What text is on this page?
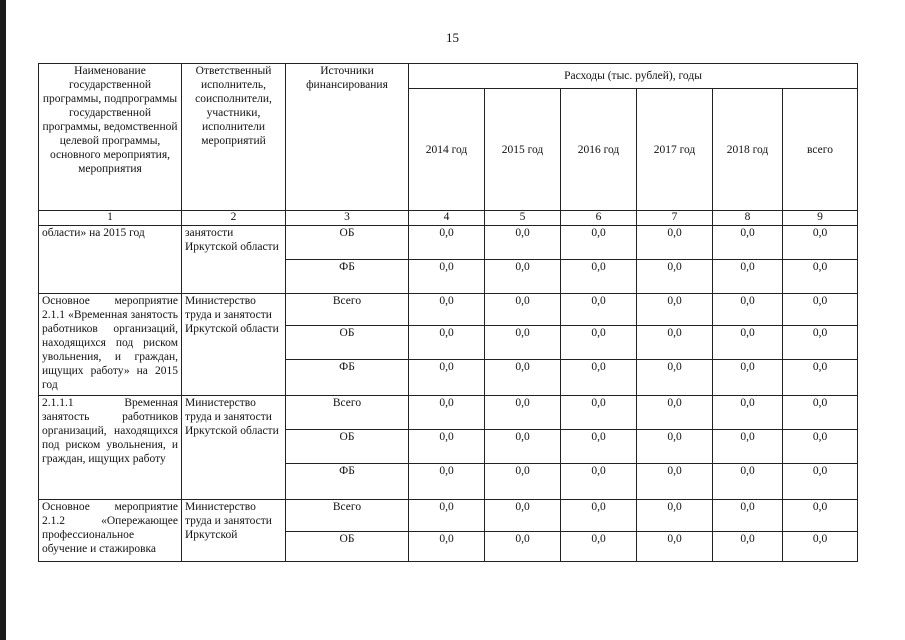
15
Наименование государственной программы, подпрограммы государственной программы, ведомственной целевой программы, основного мероприятия, мероприятия	Ответственный исполнитель, соисполнители, участники, исполнители мероприятий	Источники финансирования	Расходы (тыс. рублей), годы					
			2014 год	2015 год	2016 год	2017 год	2018 год	всего
1	2	3	4	5	6	7	8	9
области» на 2015 год	занятости Иркутской области	ОБ	0,0	0,0	0,0	0,0	0,0	0,0
		ФБ	0,0	0,0	0,0	0,0	0,0	0,0
Основное мероприятие 2.1.1 «Временная занятость работников организаций, находящихся под риском увольнения, и граждан, ищущих работу» на 2015 год	Министерство труда и занятости Иркутской области	Всего	0,0	0,0	0,0	0,0	0,0	0,0
		ОБ	0,0	0,0	0,0	0,0	0,0	0,0
		ФБ	0,0	0,0	0,0	0,0	0,0	0,0
2.1.1.1 Временная занятость работников организаций, находящихся под риском увольнения, и граждан, ищущих работу	Министерство труда и занятости Иркутской области	Всего	0,0	0,0	0,0	0,0	0,0	0,0
		ОБ	0,0	0,0	0,0	0,0	0,0	0,0
		ФБ	0,0	0,0	0,0	0,0	0,0	0,0
Основное мероприятие 2.1.2 «Опережающее профессиональное обучение и стажировка	Министерство труда и занятости Иркутской	Всего	0,0	0,0	0,0	0,0	0,0	0,0
		ОБ	0,0	0,0	0,0	0,0	0,0	0,0
